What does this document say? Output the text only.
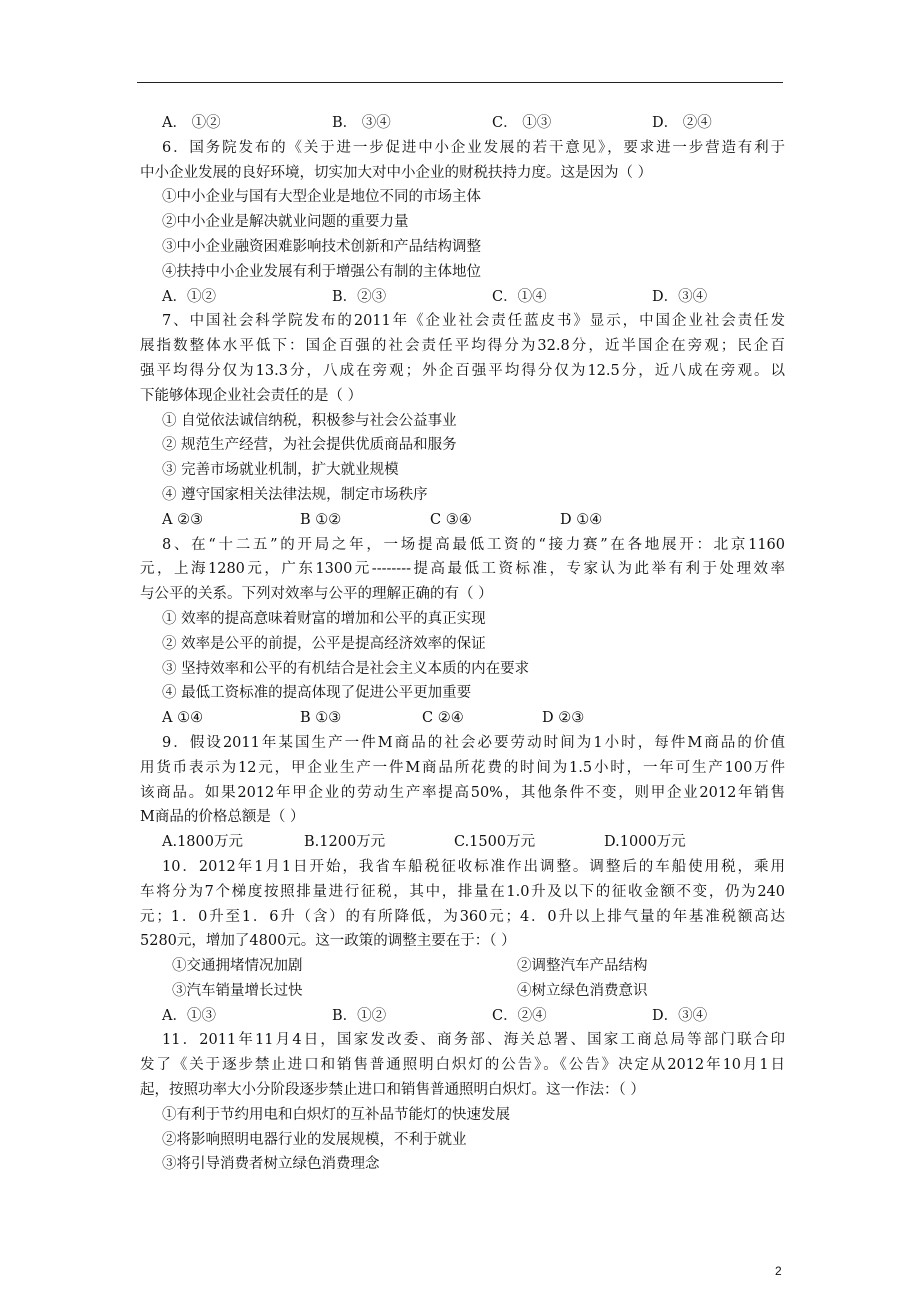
A． ①②	B． ③④	C． ①③	D． ②④
6．国务院发布的《关于进一步促进中小企业发展的若干意见》，要求进一步营造有利于
中小企业发展的良好环境，切实加大对中小企业的财税扶持力度。这是因为（ ）
①中小企业与国有大型企业是地位不同的市场主体
②中小企业是解决就业问题的重要力量
③中小企业融资困难影响技术创新和产品结构调整
④扶持中小企业发展有利于增强公有制的主体地位
A．①②	B．②③	C．①④	D．③④
7、中国社会科学院发布的2011年《企业社会责任蓝皮书》显示，中国企业社会责任发
展指数整体水平低下：国企百强的社会责任平均得分为32.8分，近半国企在旁观；民企百
强平均得分仅为13.3分，八成在旁观；外企百强平均得分仅为12.5分，近八成在旁观。以
下能够体现企业社会责任的是（ ）
① 自觉依法诚信纳税，积极参与社会公益事业
② 规范生产经营，为社会提供优质商品和服务
③ 完善市场就业机制，扩大就业规模
④ 遵守国家相关法律法规，制定市场秩序
A ②③	B ①②	C ③④	D ①④
8、在“十二五”的开局之年，一场提高最低工资的“接力赛”在各地展开：北京1160
元，上海1280元，广东1300元--------提高最低工资标准，专家认为此举有利于处理效率
与公平的关系。下列对效率与公平的理解正确的有（ ）
① 效率的提高意味着财富的增加和公平的真正实现
② 效率是公平的前提，公平是提高经济效率的保证
③ 坚持效率和公平的有机结合是社会主义本质的内在要求
④ 最低工资标准的提高体现了促进公平更加重要
A ①④	B ①③	C ②④	D ②③
9．假设2011年某国生产一件M商品的社会必要劳动时间为1小时，每件M商品的价值
用货币表示为12元，甲企业生产一件M商品所花费的时间为1.5小时，一年可生产100万件
该商品。如果2012年甲企业的劳动生产率提高50%，其他条件不变，则甲企业2012年销售
M商品的价格总额是（ ）
A.1800万元	B.1200万元	C.1500万元	D.1000万元
10．2012年1月1日开始，我省车船税征收标准作出调整。调整后的车船使用税，乘用
车将分为7个梯度按照排量进行征税，其中，排量在1.0升及以下的征收金额不变，仍为240
元；1．0升至1．6升（含）的有所降低，为360元；4．0升以上排气量的年基准税额高达
5280元，增加了4800元。这一政策的调整主要在于：（ ）
①交通拥堵情况加剧	②调整汽车产品结构
③汽车销量增长过快	④树立绿色消费意识
A．①③	B．①②	C．②④	D．③④
11．2011年11月4日，国家发改委、商务部、海关总署、国家工商总局等部门联合印
发了《关于逐步禁止进口和销售普通照明白炽灯的公告》。《公告》决定从2012年10月1日
起，按照功率大小分阶段逐步禁止进口和销售普通照明白炽灯。这一作法：（ ）
①有利于节约用电和白炽灯的互补品节能灯的快速发展
②将影响照明电器行业的发展规模，不利于就业
③将引导消费者树立绿色消费理念
2
